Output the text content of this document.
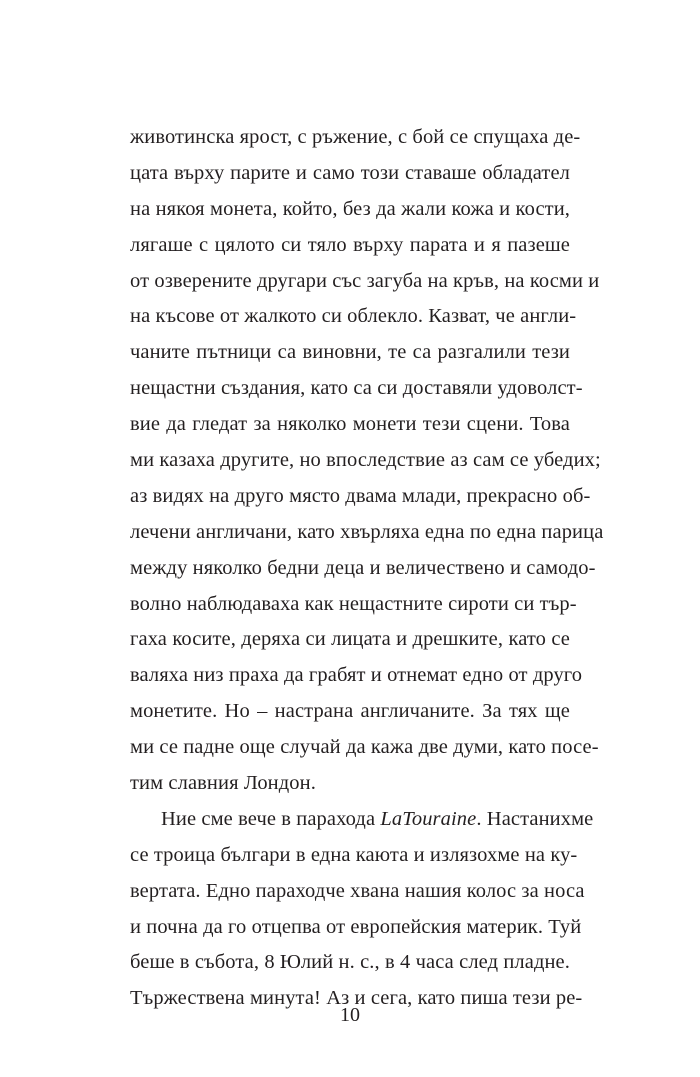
животинска ярост, с ръжение, с бой се спущаха де-
цата върху парите и само този ставаше обладател
на някоя монета, който, без да жали кожа и кости,
лягаше с цялото си тяло върху парата и я пазеше
от озверените другари със загуба на кръв, на косми и
на късове от жалкото си облекло. Казват, че англи-
чаните пътници са виновни, те са разгалили тези
нещастни създания, като са си доставяли удоволст-
вие да гледат за няколко монети тези сцени. Това
ми казаха другите, но впоследствие аз сам се убедих;
аз видях на друго място двама млади, прекрасно об-
лечени англичани, като хвърляха една по една парица
между няколко бедни деца и величествено и самодо-
волно наблюдаваха как нещастните сироти си тър-
гаха косите, деряха си лицата и дрешките, като се
валяха низ праха да грабят и отнемат едно от друго
монетите. Но – настрана англичаните. За тях ще
ми се падне още случай да кажа две думи, като посе-
тим славния Лондон.
Ние сме вече в парахода LaTouraine. Настанихме
се троица българи в една каюта и излязохме на ку-
вертата. Едно параходче хвана нашия колос за носа
и почна да го отцепва от европейския материк. Туй
беше в събота, 8 Юлий н. с., в 4 часа след пладне.
Тържествена минута! Аз и сега, като пиша тези ре-
10
